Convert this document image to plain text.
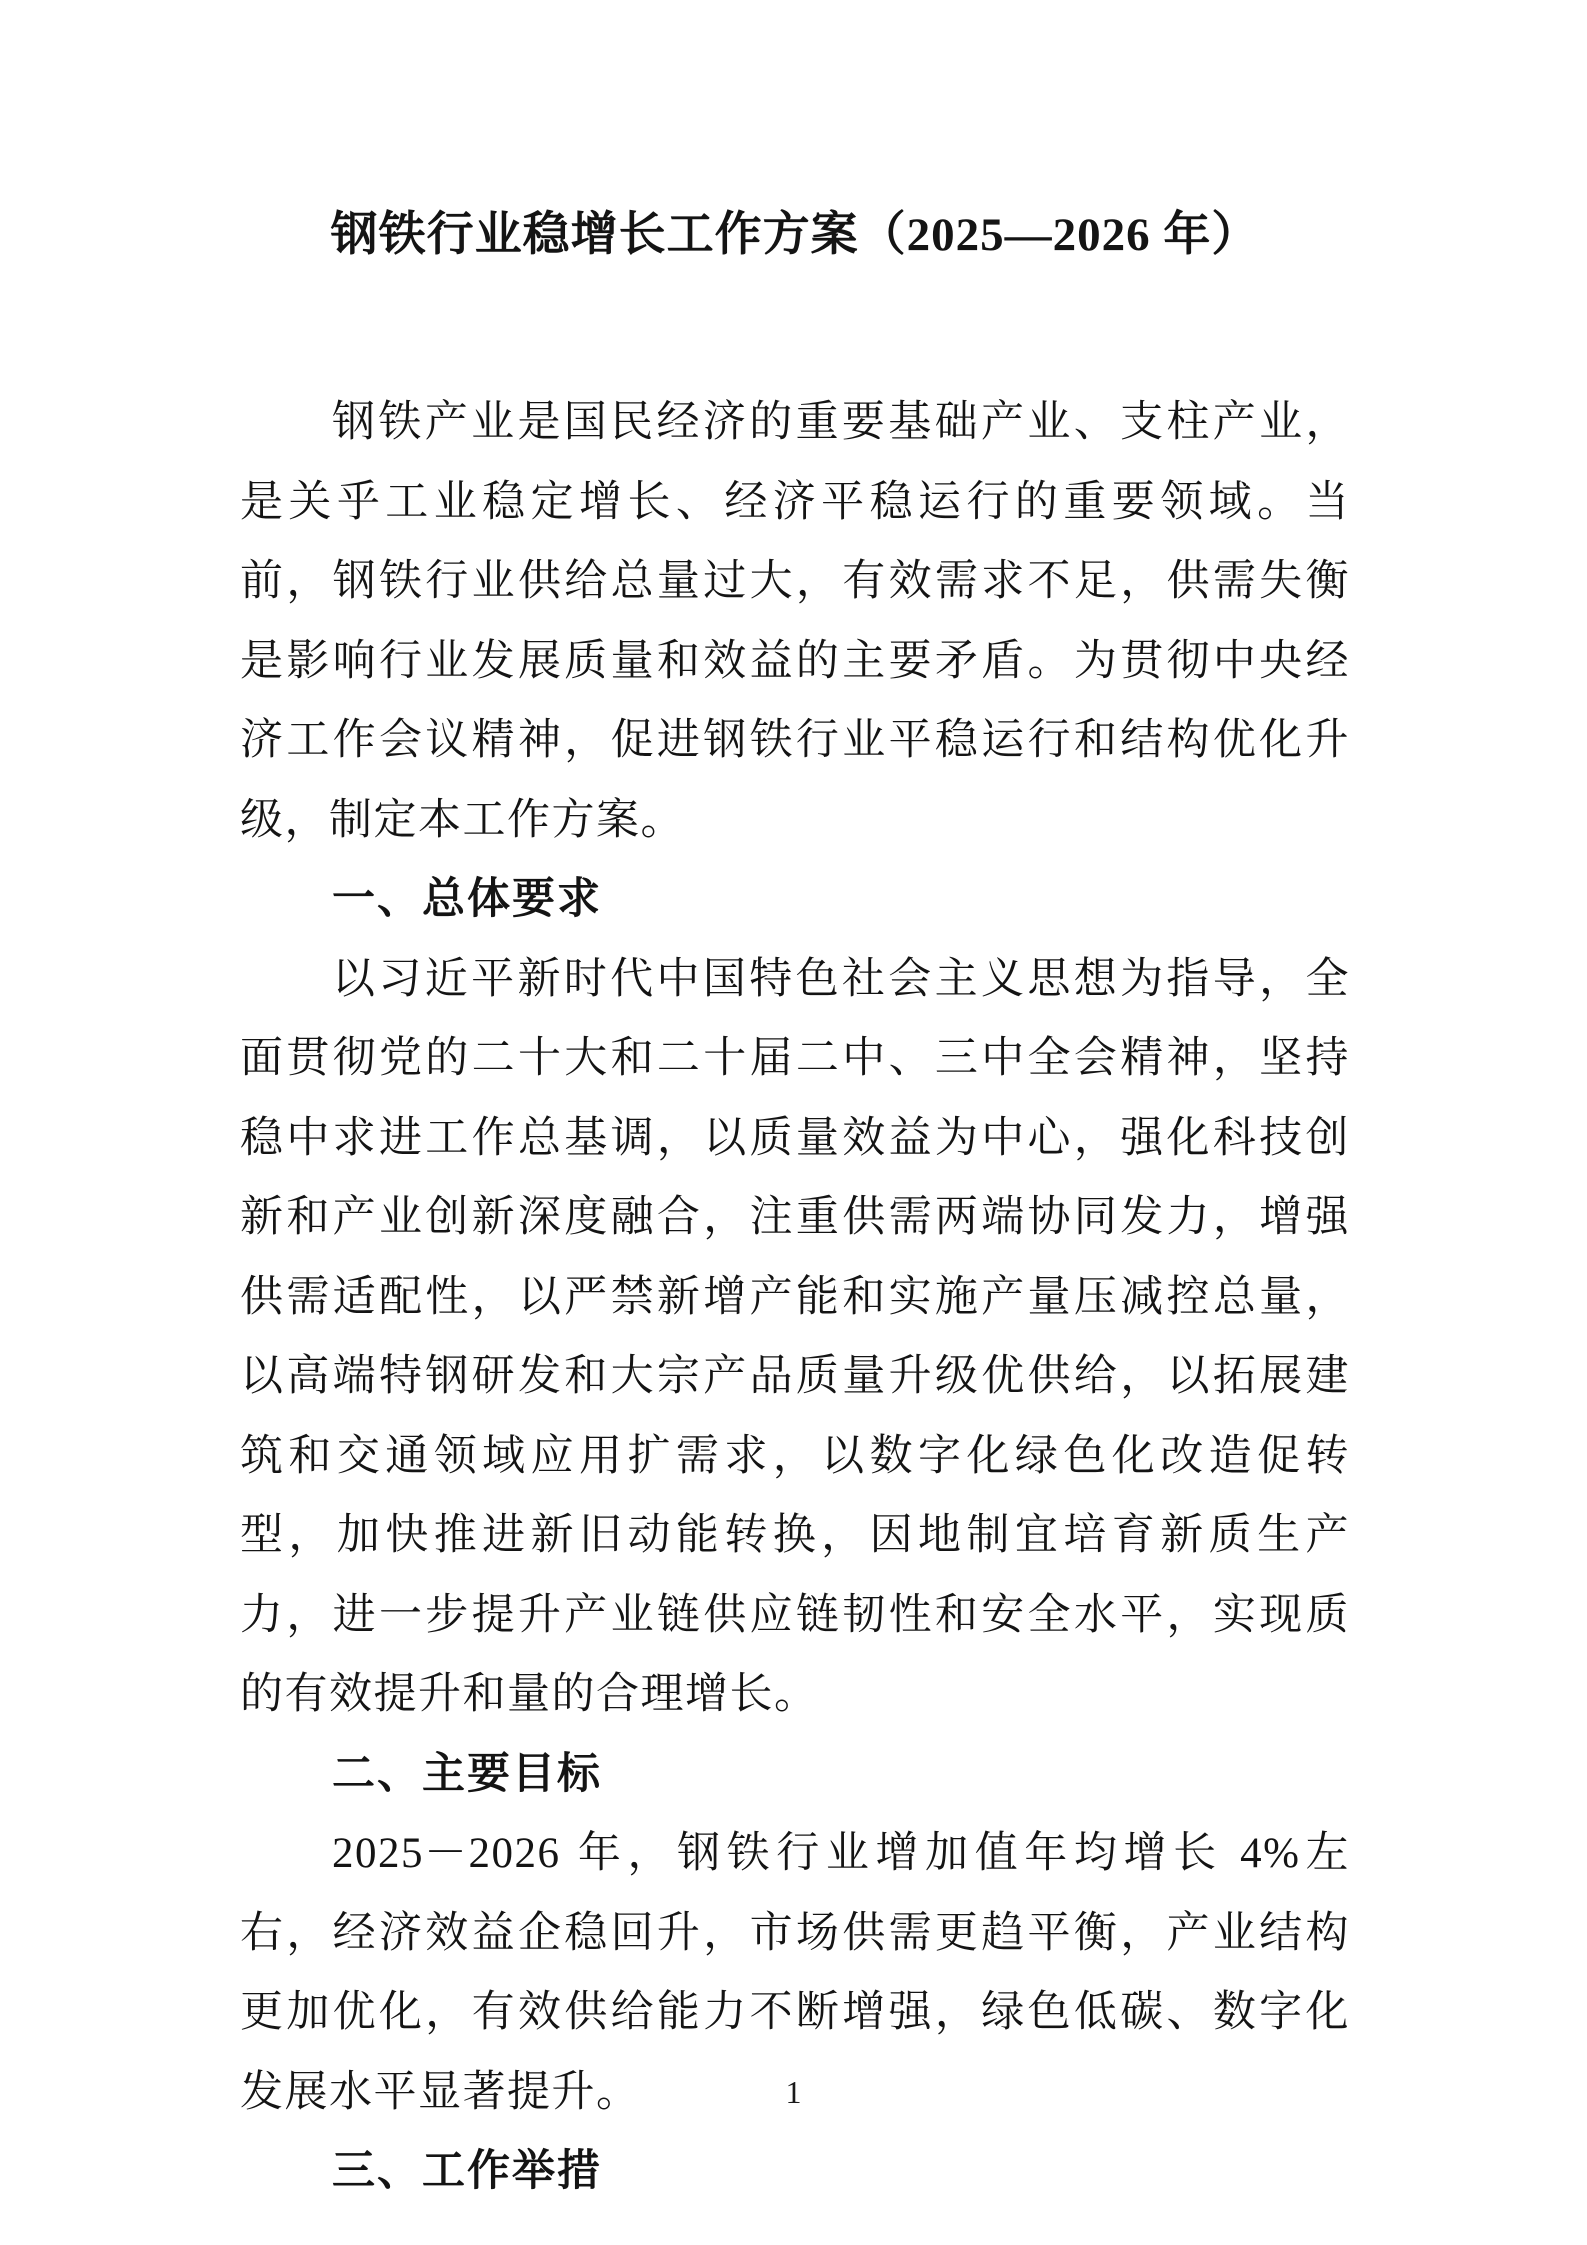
钢铁行业稳增长工作方案（2025—2026 年）

钢铁产业是国民经济的重要基础产业、支柱产业，是关乎工业稳定增长、经济平稳运行的重要领域。当前，钢铁行业供给总量过大，有效需求不足，供需失衡是影响行业发展质量和效益的主要矛盾。为贯彻中央经济工作会议精神，促进钢铁行业平稳运行和结构优化升级，制定本工作方案。

一、总体要求

以习近平新时代中国特色社会主义思想为指导，全面贯彻党的二十大和二十届二中、三中全会精神，坚持稳中求进工作总基调，以质量效益为中心，强化科技创新和产业创新深度融合，注重供需两端协同发力，增强供需适配性，以严禁新增产能和实施产量压减控总量，以高端特钢研发和大宗产品质量升级优供给，以拓展建筑和交通领域应用扩需求，以数字化绿色化改造促转型，加快推进新旧动能转换，因地制宜培育新质生产力，进一步提升产业链供应链韧性和安全水平，实现质的有效提升和量的合理增长。

二、主要目标

2025－2026 年，钢铁行业增加值年均增长 4%左右，经济效益企稳回升，市场供需更趋平衡，产业结构更加优化，有效供给能力不断增强，绿色低碳、数字化发展水平显著提升。

三、工作举措

1
